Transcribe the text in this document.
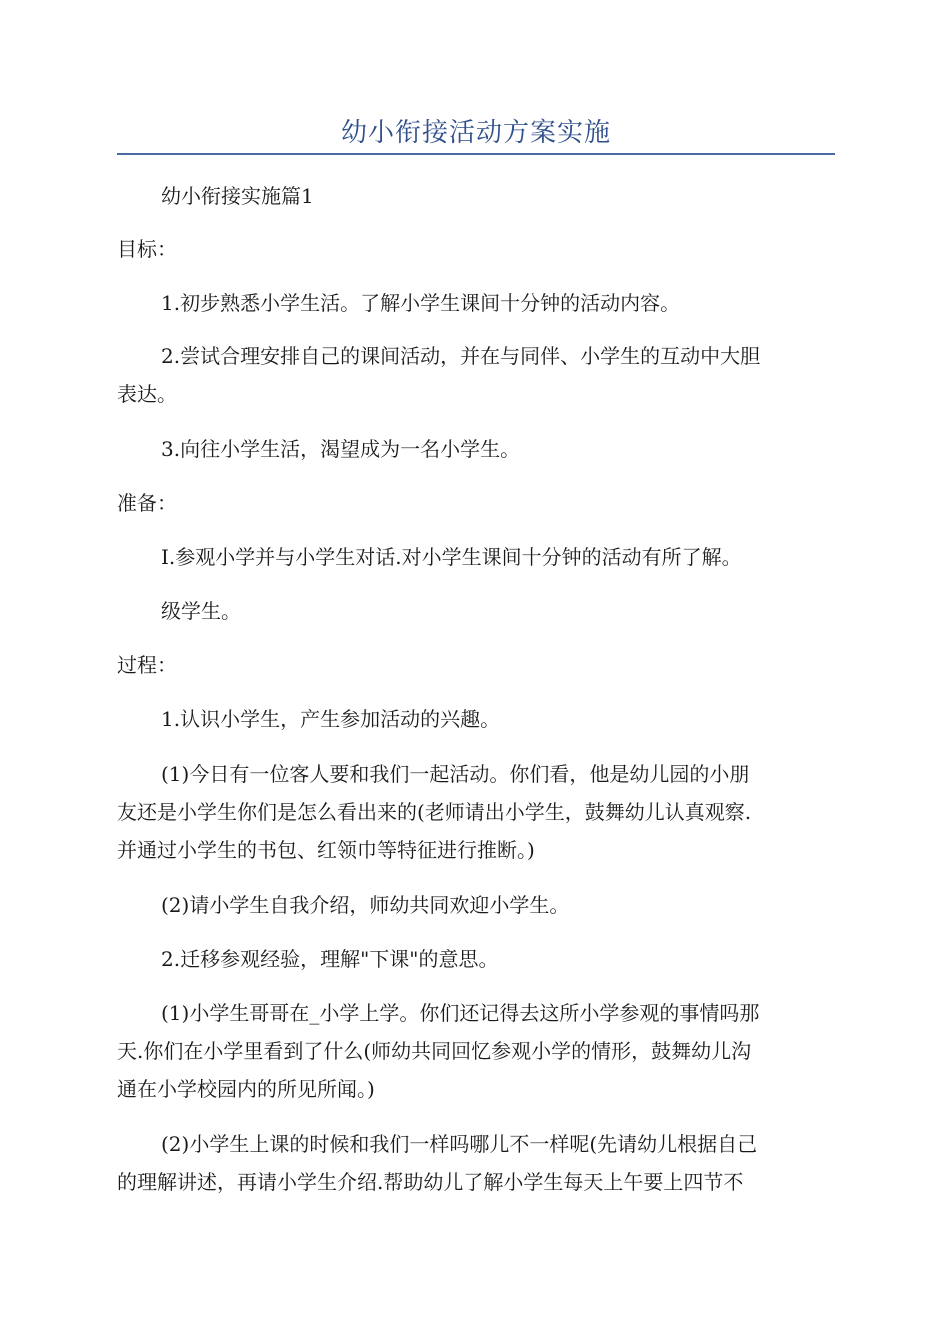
幼小衔接活动方案实施
幼小衔接实施篇1
目标：
1.初步熟悉小学生活。了解小学生课间十分钟的活动内容。
2.尝试合理安排自己的课间活动，并在与同伴、小学生的互动中大胆
表达。
3.向往小学生活，渴望成为一名小学生。
准备：
I.参观小学并与小学生对话.对小学生课间十分钟的活动有所了解。
级学生。
过程：
1.认识小学生，产生参加活动的兴趣。
(1)今日有一位客人要和我们一起活动。你们看，他是幼儿园的小朋
友还是小学生你们是怎么看出来的(老师请出小学生，鼓舞幼儿认真观察.
并通过小学生的书包、红领巾等特征进行推断。)
(2)请小学生自我介绍，师幼共同欢迎小学生。
2.迁移参观经验，理解"下课"的意思。
(1)小学生哥哥在_小学上学。你们还记得去这所小学参观的事情吗那
天.你们在小学里看到了什么(师幼共同回忆参观小学的情形，鼓舞幼儿沟
通在小学校园内的所见所闻。)
(2)小学生上课的时候和我们一样吗哪儿不一样呢(先请幼儿根据自己
的理解讲述，再请小学生介绍.帮助幼儿了解小学生每天上午要上四节不
